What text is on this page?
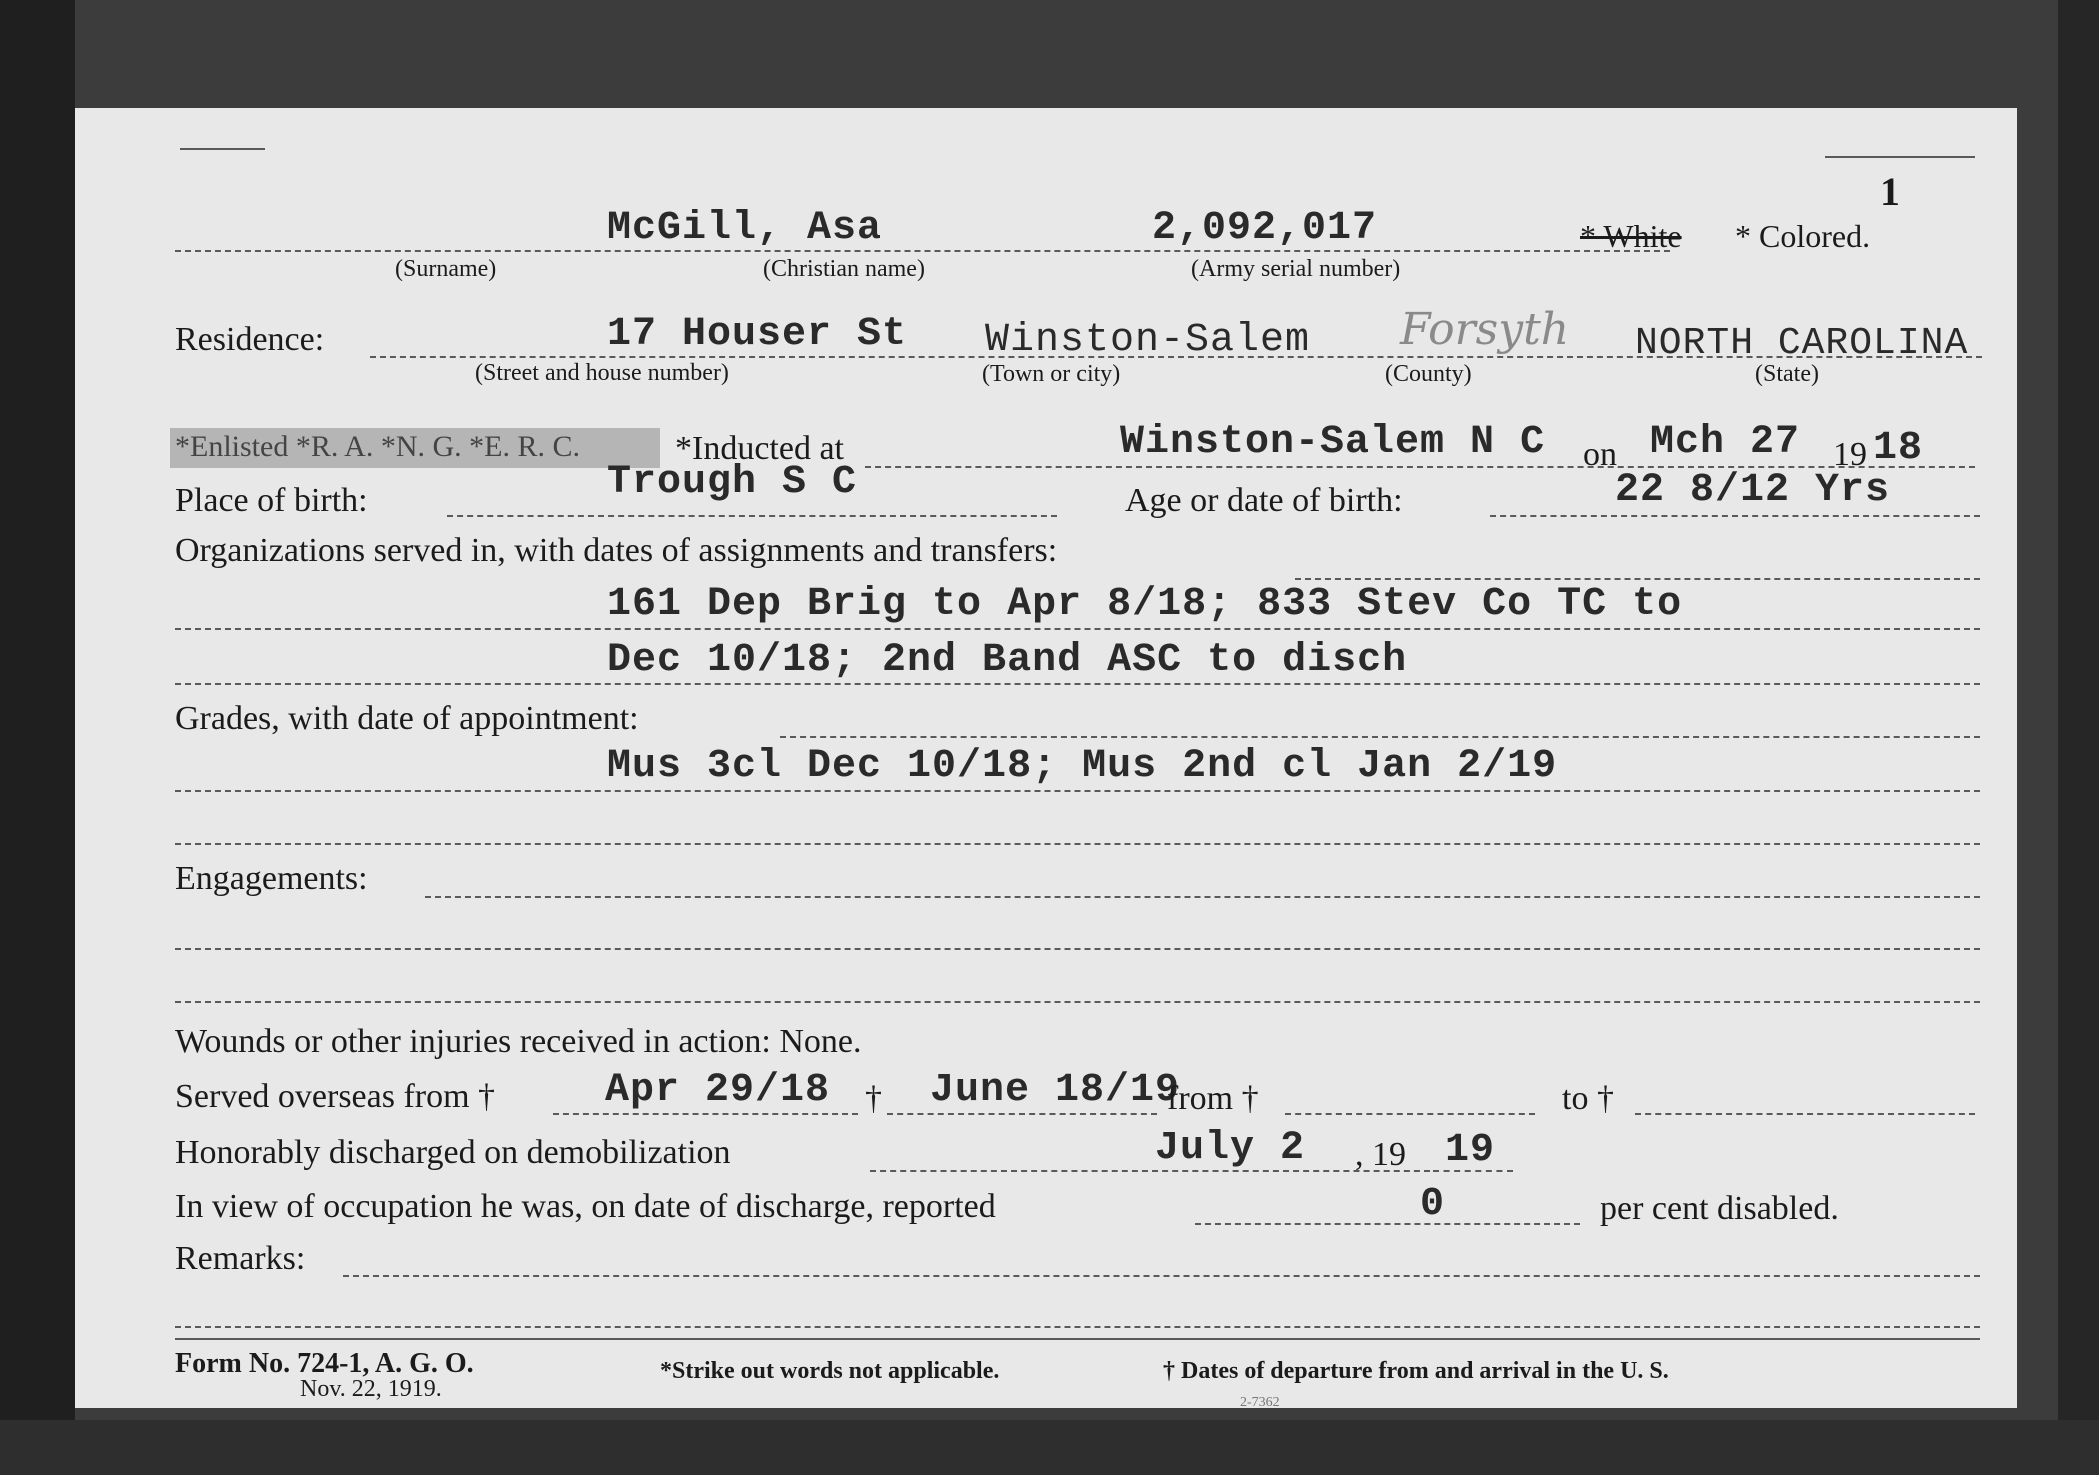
1
McGill, Asa	2,092,017	* White * Colored.
(Surname)	(Christian name)	(Army serial number)
Residence:	17 Houser St Winston-Salem Forsyth NORTH CAROLINA
(Street and house number)	(Town or city)	(County)	(State)
*Enlisted *R. A. *N. G. *E. R. C.	*Inducted at	Winston-Salem N C on Mch 27 19 18
Place of birth:	Trough S C	Age or date of birth:	22 8/12 Yrs
Organizations served in, with dates of assignments and transfers:
161 Dep Brig to Apr 8/18; 833 Stev Co TC to
Dec 10/18; 2nd Band ASC to disch
Grades, with date of appointment:
Mus 3cl Dec 10/18; Mus 2nd cl Jan 2/19
Engagements:
Wounds or other injuries received in action: None.
Served overseas from †	Apr 29/18 † June 18/19
from †	to †
Honorably discharged on demobilization	July 2 , 19 19
In view of occupation he was, on date of discharge, reported	0	per cent disabled.
Remarks:
Form No. 724-1, A. G. O.
Nov. 22, 1919.
*Strike out words not applicable.	† Dates of departure from and arrival in the U. S.
2-7362
